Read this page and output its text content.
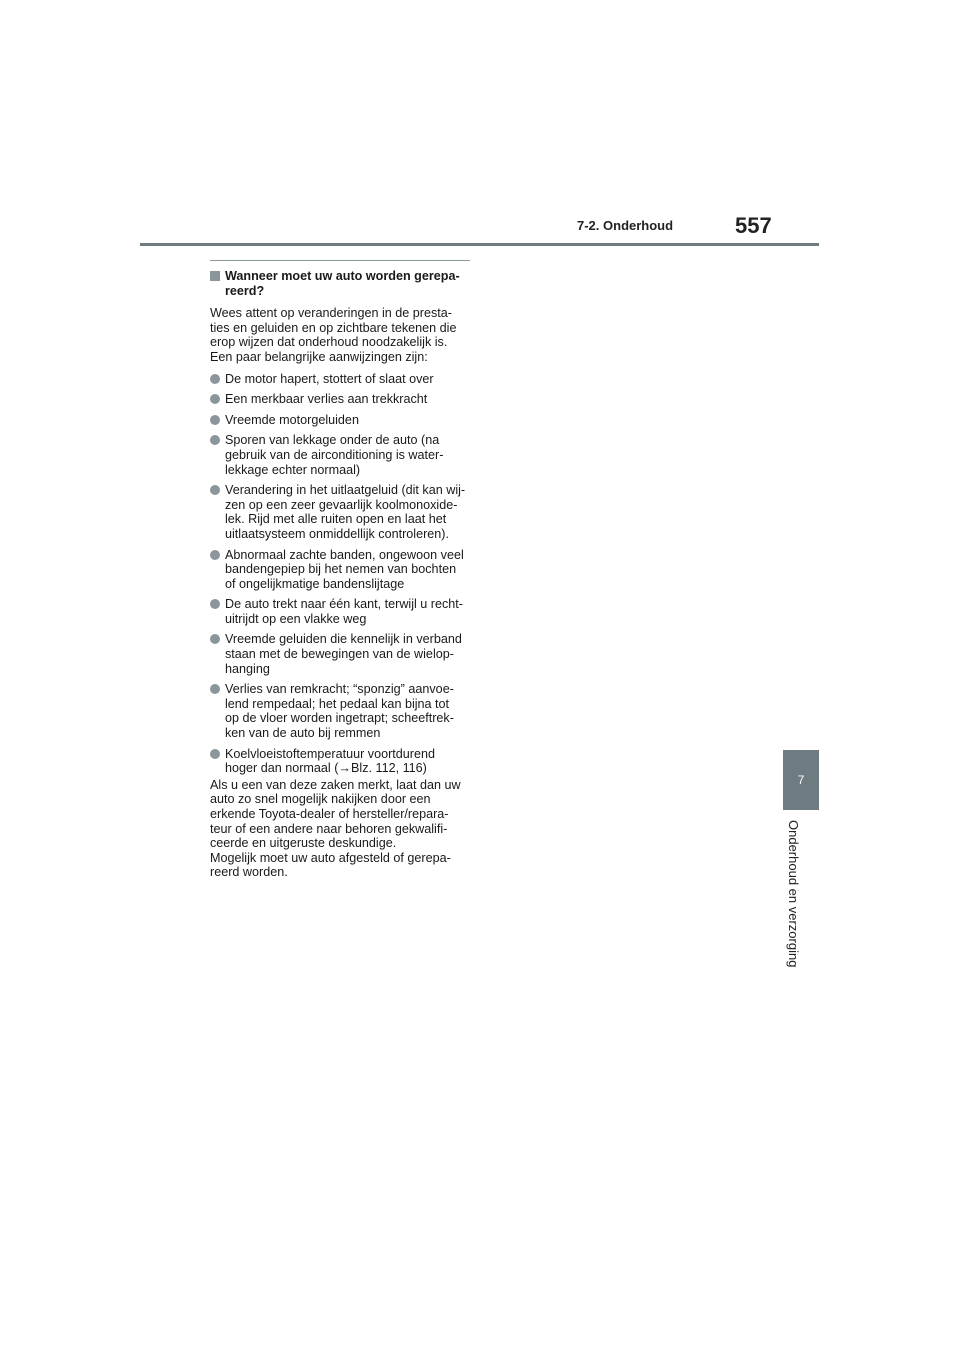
7-2. Onderhoud	557
7
Onderhoud en verzorging
Wanneer moet uw auto worden gerepa-
reerd?

Wees attent op veranderingen in de presta-
ties en geluiden en op zichtbare tekenen die
erop wijzen dat onderhoud noodzakelijk is.
Een paar belangrijke aanwijzingen zijn:

De motor hapert, stottert of slaat over
Een merkbaar verlies aan trekkracht
Vreemde motorgeluiden
Sporen van lekkage onder de auto (na
gebruik van de airconditioning is water-
lekkage echter normaal)
Verandering in het uitlaatgeluid (dit kan wij-
zen op een zeer gevaarlijk koolmonoxide-
lek. Rijd met alle ruiten open en laat het
uitlaatsysteem onmiddellijk controleren).
Abnormaal zachte banden, ongewoon veel
bandengepiep bij het nemen van bochten
of ongelijkmatige bandenslijtage
De auto trekt naar één kant, terwijl u recht-
uitrijdt op een vlakke weg
Vreemde geluiden die kennelijk in verband
staan met de bewegingen van de wielop-
hanging
Verlies van remkracht; “sponzig” aanvoe-
lend rempedaal; het pedaal kan bijna tot
op de vloer worden ingetrapt; scheeftrek-
ken van de auto bij remmen
Koelvloeistoftemperatuur voortdurend
hoger dan normaal (→Blz. 112, 116)

Als u een van deze zaken merkt, laat dan uw
auto zo snel mogelijk nakijken door een
erkende Toyota-dealer of hersteller/repara-
teur of een andere naar behoren gekwalifi-
ceerde en uitgeruste deskundige.
Mogelijk moet uw auto afgesteld of gerepa-
reerd worden.
